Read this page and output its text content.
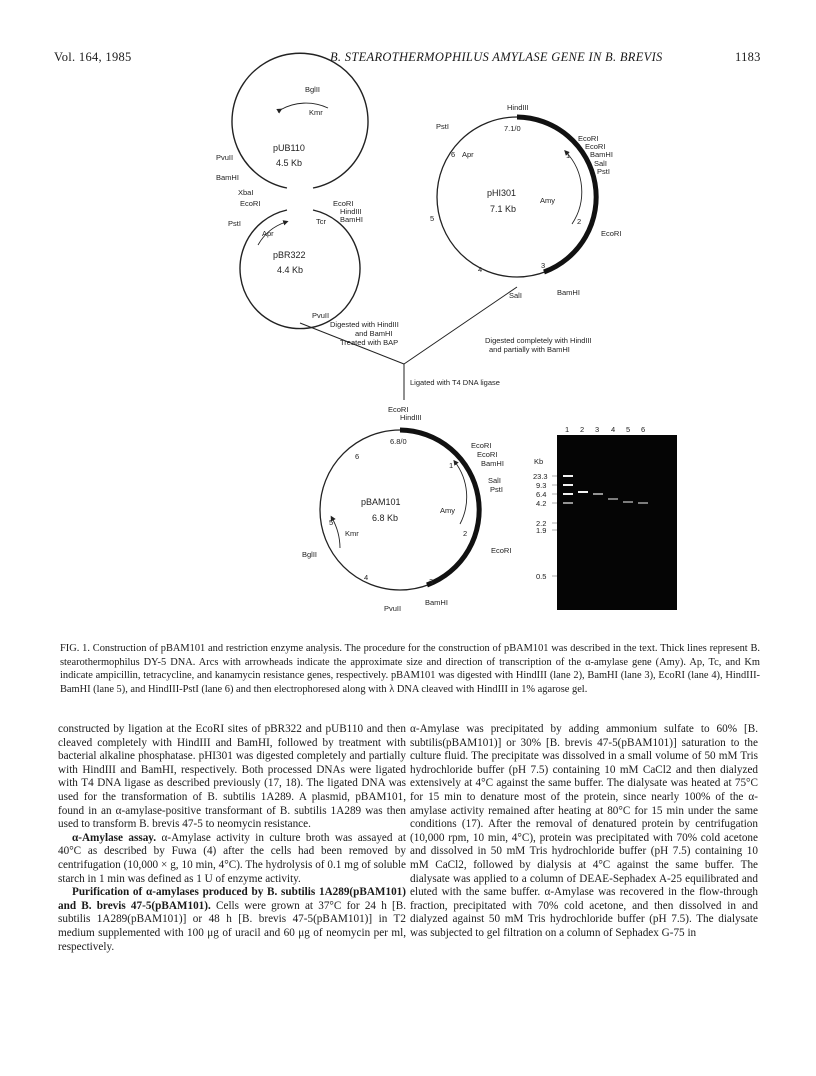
Vol. 164, 1985	B. STEAROTHERMOPHILUS AMYLASE GENE IN B. BREVIS	1183
pUB110
4.5 Kb
BglII
Kmr
PvuII
BamHI
XbaI
EcoRI
pBR322
4.4 Kb
PstI
Apr
EcoRI
HindIII
BamHI
Tcr
PvuII
pHI301
7.1 Kb
7.1/0
HindIII
PstI
Apr
EcoRI
EcoRI
BamHI
SalI
PstI
EcoRI
BamHI
SalI
Amy
1
2
3
4
5
6
Digested with HindIII
and BamHI
Treated with BAP	Digested completely with HindIII
and partially with BamHI
Ligated with T4 DNA ligase
pBAM101
6.8 Kb
6.8/0
EcoRI
HindIII
EcoRI
EcoRI
BamHI
SalI
PstI
Amy
EcoRI
BamHI
PvuII
BglII
Kmr
1
2
3
4
5
6
1 2 3 4 5 6
Kb
23.3
9.3
6.4
4.2
2.2
1.9
0.5
FIG. 1. Construction of pBAM101 and restriction enzyme analysis. The procedure for the construction of pBAM101 was described in the text. Thick lines represent B. stearothermophilus DY-5 DNA. Arcs with arrowheads indicate the approximate size and direction of transcription of the α-amylase gene (Amy). Ap, Tc, and Km indicate ampicillin, tetracycline, and kanamycin resistance genes, respectively. pBAM101 was digested with HindIII (lane 2), BamHI (lane 3), EcoRI (lane 4), HindIII-BamHI (lane 5), and HindIII-PstI (lane 6) and then electrophoresed along with λ DNA cleaved with HindIII in 1% agarose gel.

constructed by ligation at the EcoRI sites of pBR322 and pUB110 and then cleaved completely with HindIII and BamHI, followed by treatment with bacterial alkaline phosphatase. pHI301 was digested completely and partially with HindIII and BamHI, respectively. Both processed DNAs were ligated with T4 DNA ligase as described previously (17, 18). The ligated DNA was used for the transformation of B. subtilis 1A289. A plasmid, pBAM101, found in an α-amylase-positive transformant of B. subtilis 1A289 was then used to transform B. brevis 47-5 to neomycin resistance.

α-Amylase assay. α-Amylase activity in culture broth was assayed at 40°C as described by Fuwa (4) after the cells had been removed by centrifugation (10,000 × g, 10 min, 4°C). The hydrolysis of 0.1 mg of soluble starch in 1 min was defined as 1 U of enzyme activity.

Purification of α-amylases produced by B. subtilis 1A289(pBAM101) and B. brevis 47-5(pBAM101). Cells were grown at 37°C for 24 h [B. subtilis 1A289(pBAM101)] or 48 h [B. brevis 47-5(pBAM101)] in T2 medium supplemented with 100 μg of uracil and 60 μg of neomycin per ml, respectively.

α-Amylase was precipitated by adding ammonium sulfate to 60% [B. subtilis(pBAM101)] or 30% [B. brevis 47-5(pBAM101)] saturation to the culture fluid. The precipitate was dissolved in a small volume of 50 mM Tris hydrochloride buffer (pH 7.5) containing 10 mM CaCl2 and then dialyzed extensively at 4°C against the same buffer. The dialysate was heated at 75°C for 15 min to denature most of the protein, since nearly 100% of the α-amylase activity remained after heating at 80°C for 15 min under the same conditions (17). After the removal of denatured protein by centrifugation (10,000 rpm, 10 min, 4°C), protein was precipitated with 70% cold acetone and dissolved in 50 mM Tris hydrochloride buffer (pH 7.5) containing 10 mM CaCl2, followed by dialysis at 4°C against the same buffer. The dialysate was applied to a column of DEAE-Sephadex A-25 equilibrated and eluted with the same buffer. α-Amylase was recovered in the flow-through fraction, precipitated with 70% cold acetone, and then dissolved in and dialyzed against 50 mM Tris hydrochloride buffer (pH 7.5). The dialysate was subjected to gel filtration on a column of Sephadex G-75 in
